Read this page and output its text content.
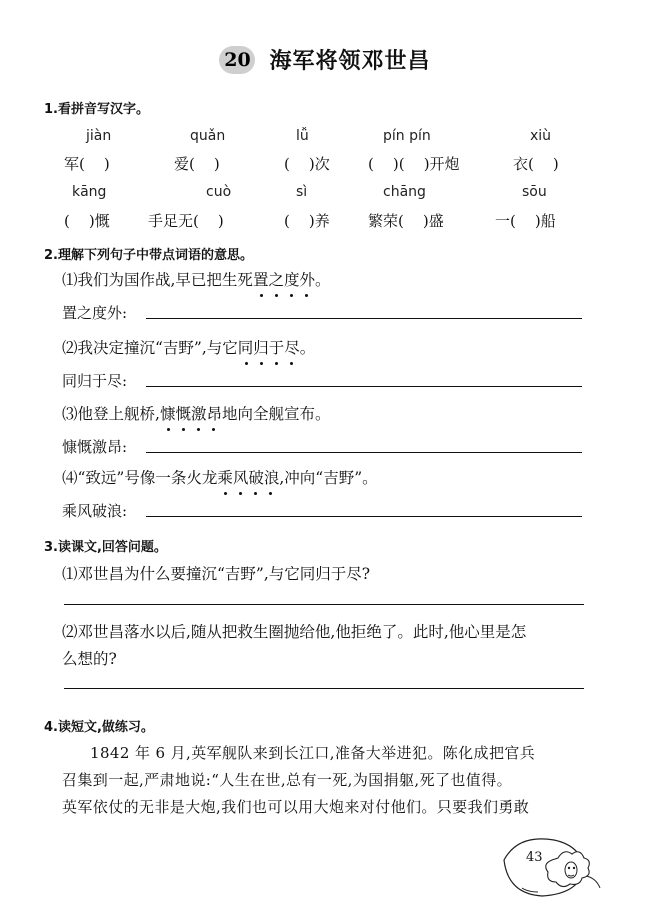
20 海军将领邓世昌
1.看拼音写汉字。
jiàn	quǎn	lǚ	pín pín	xiù
军(    )	爱(    )	(    )次	(    )(    )开炮	衣(    )
kāng	cuò	sì	chāng	sōu
(    )慨	手足无(    )	(    )养	繁荣(    )盛	一(    )船
2.理解下列句子中带点词语的意思。
⑴我们为国作战,早已把生死置之度外
。
置之度外:
⑵我决定撞沉“吉野”,与它同归于尽
。
同归于尽:
⑶他登上舰桥,慷慨激昂
地向全舰宣布。
慷慨激昂:
⑷“致远”号像一条火龙乘风破浪
,冲向“吉野”。
乘风破浪:
3.读课文,回答问题。
⑴邓世昌为什么要撞沉“吉野”,与它同归于尽?
⑵邓世昌落水以后,随从把救生圈抛给他,他拒绝了。此时,他心里是怎
么想的?
4.读短文,做练习。
1842 年 6 月,英军舰队来到长江口,准备大举进犯。陈化成把官兵
召集到一起,严肃地说:“人生在世,总有一死,为国捐躯,死了也值得。
英军依仗的无非是大炮,我们也可以用大炮来对付他们。只要我们勇敢
43
